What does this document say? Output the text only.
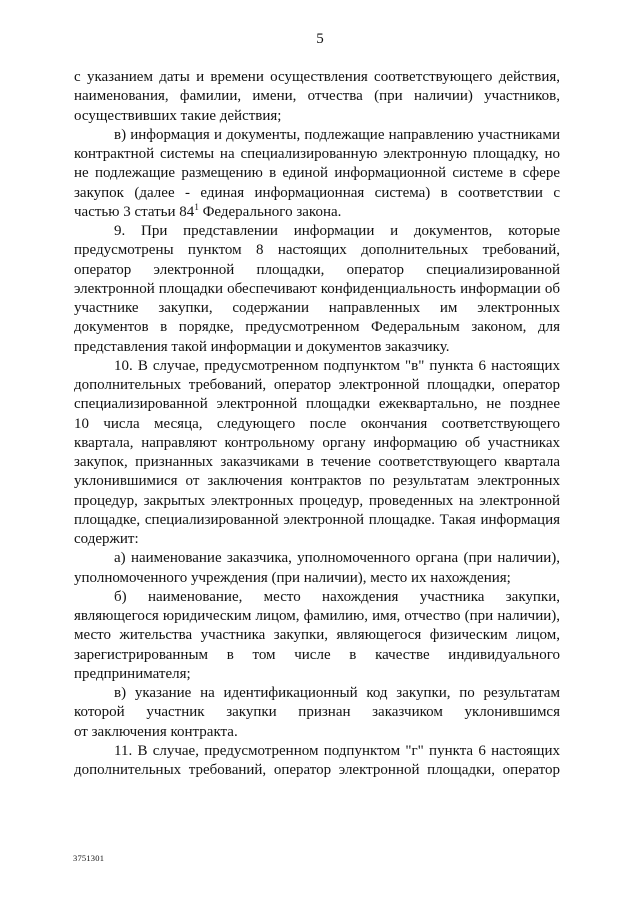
5
с указанием даты и времени осуществления соответствующего действия,
наименования, фамилии, имени, отчества (при наличии) участников,
осуществивших такие действия;
в) информация и документы, подлежащие направлению участниками
контрактной системы на специализированную электронную площадку, но
не подлежащие размещению в единой информационной системе в сфере
закупок (далее - единая информационная система) в соответствии с
частью 3 статьи $84^1$ Федерального закона.
9. При представлении информации и документов, которые
предусмотрены пунктом 8 настоящих дополнительных требований,
оператор электронной площадки, оператор специализированной
электронной площадки обеспечивают конфиденциальность информации об
участнике закупки, содержании направленных им электронных
документов в порядке, предусмотренном Федеральным законом, для
представления такой информации и документов заказчику.
10. В случае, предусмотренном подпунктом "в" пункта 6 настоящих
дополнительных требований, оператор электронной площадки, оператор
специализированной электронной площадки ежеквартально, не позднее
10 числа месяца, следующего после окончания соответствующего
квартала, направляют контрольному органу информацию об участниках
закупок, признанных заказчиками в течение соответствующего квартала
уклонившимися от заключения контрактов по результатам электронных
процедур, закрытых электронных процедур, проведенных на электронной
площадке, специализированной электронной площадке. Такая информация
содержит:
а) наименование заказчика, уполномоченного органа (при наличии),
уполномоченного учреждения (при наличии), место их нахождения;
б) наименование, место нахождения участника закупки,
являющегося юридическим лицом, фамилию, имя, отчество (при наличии),
место жительства участника закупки, являющегося физическим лицом,
зарегистрированным в том числе в качестве индивидуального
предпринимателя;
в) указание на идентификационный код закупки, по результатам
которой участник закупки признан заказчиком уклонившимся
от заключения контракта.
11. В случае, предусмотренном подпунктом "г" пункта 6 настоящих
дополнительных требований, оператор электронной площадки, оператор
3751301
